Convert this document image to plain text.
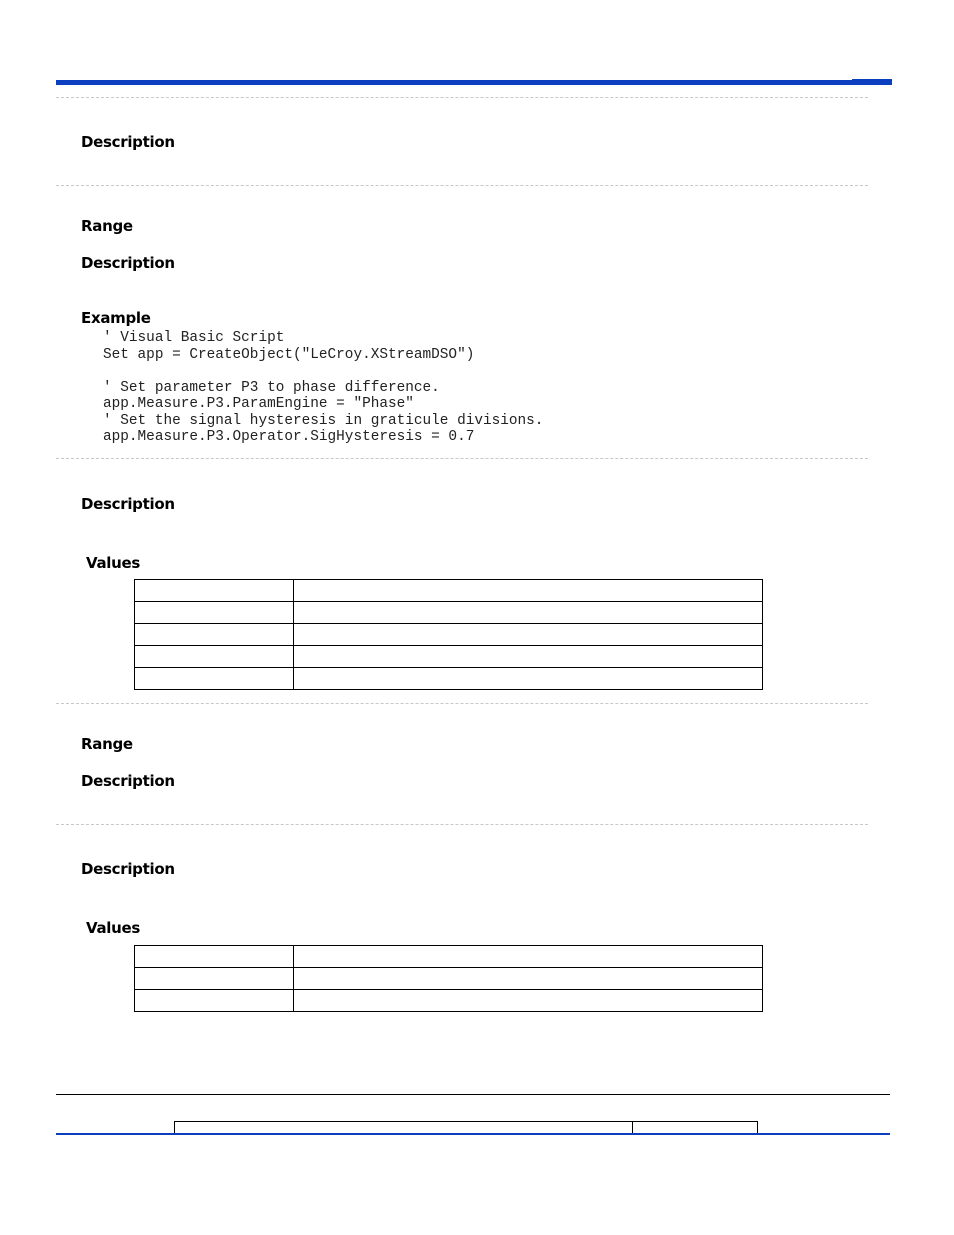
Description
Range
Description
Example
' Visual Basic Script
Set app = CreateObject("LeCroy.XStreamDSO")

' Set parameter P3 to phase difference.
app.Measure.P3.ParamEngine = "Phase"
' Set the signal hysteresis in graticule divisions.
app.Measure.P3.Operator.SigHysteresis = 0.7
Description
Values

Range
Description
Description
Values
